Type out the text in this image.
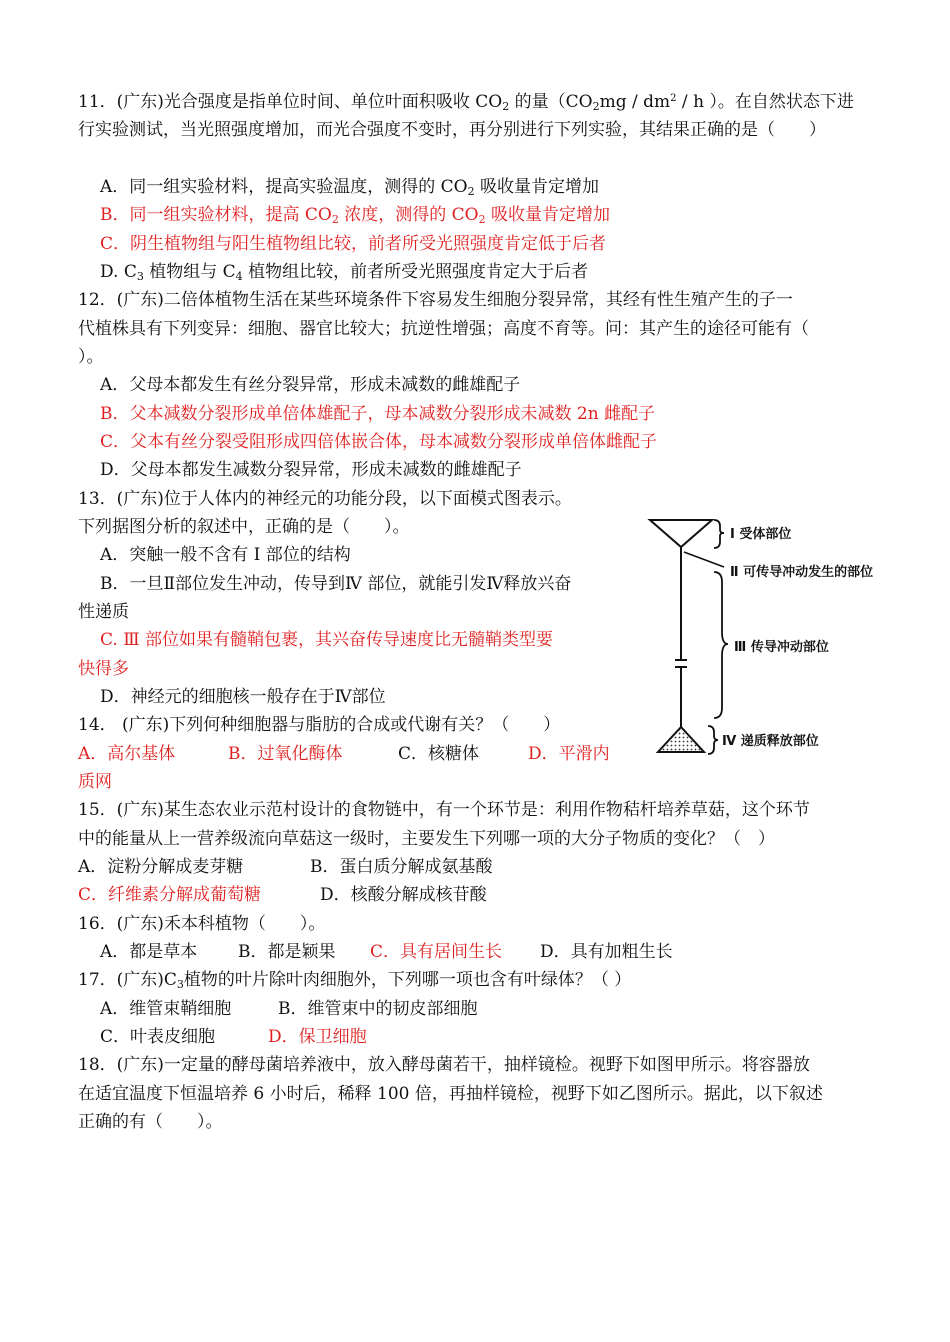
11．(广东)光合强度是指单位时间、单位叶面积吸收 $CO_2$ 的量（$CO_2mg / dm^2$ / h ）。在自然状态下进
行实验测试，当光照强度增加，而光合强度不变时，再分别进行下列实验，其结果正确的是（　　）
A．同一组实验材料，提高实验温度，测得的 $CO_2$ 吸收量肯定增加
B．同一组实验材料，提高 $CO_2$ 浓度，测得的 $CO_2$ 吸收量肯定增加
C．阴生植物组与阳生植物组比较，前者所受光照强度肯定低于后者
D. $C_3$ 植物组与 $C_4$ 植物组比较，前者所受光照强度肯定大于后者
12．(广东)二倍体植物生活在某些环境条件下容易发生细胞分裂异常，其经有性生殖产生的子一
代植株具有下列变异：细胞、器官比较大；抗逆性增强；高度不育等。问：其产生的途径可能有（
）。
A．父母本都发生有丝分裂异常，形成未减数的雌雄配子
B．父本减数分裂形成单倍体雄配子，母本减数分裂形成未减数 2n 雌配子
C．父本有丝分裂受阻形成四倍体嵌合体，母本减数分裂形成单倍体雌配子
D．父母本都发生减数分裂异常，形成未减数的雌雄配子
13．(广东)位于人体内的神经元的功能分段，以下面模式图表示。
下列据图分析的叙述中，正确的是（　　）。
A．突触一般不含有 I 部位的结构
B．一旦Ⅱ部位发生冲动，传导到Ⅳ 部位，就能引发Ⅳ释放兴奋
性递质
C. Ⅲ 部位如果有髓鞘包裹，其兴奋传导速度比无髓鞘类型要
快得多
D．神经元的细胞核一般存在于Ⅳ部位
14． (广东)下列何种细胞器与脂肪的合成或代谢有关？（　　）
A．高尔基体	B．过氧化酶体	C．核糖体	D．平滑内
质网
15．(广东)某生态农业示范村设计的食物链中，有一个环节是：利用作物秸杆培养草菇，这个环节
中的能量从上一营养级流向草菇这一级时，主要发生下列哪一项的大分子物质的变化？（　）
A．淀粉分解成麦芽糖	B．蛋白质分解成氨基酸
C．纤维素分解成葡萄糖	D．核酸分解成核苷酸
16．(广东)禾本科植物（　　）。
A．都是草本 B．都是颖果 C．具有居间生长 D．具有加粗生长
17．(广东)$C_3$植物的叶片除叶肉细胞外，下列哪一项也含有叶绿体？（ ）
A．维管束鞘细胞	B．维管束中的韧皮部细胞
C．叶表皮细胞	D．保卫细胞
18．(广东)一定量的酵母菌培养液中，放入酵母菌若干，抽样镜检。视野下如图甲所示。将容器放
在适宜温度下恒温培养 6 小时后，稀释 100 倍，再抽样镜检，视野下如乙图所示。据此，以下叙述
正确的有（　　）。
I 受体部位
Ⅱ 可传导冲动发生的部位
Ⅲ 传导冲动部位
Ⅳ 递质释放部位
